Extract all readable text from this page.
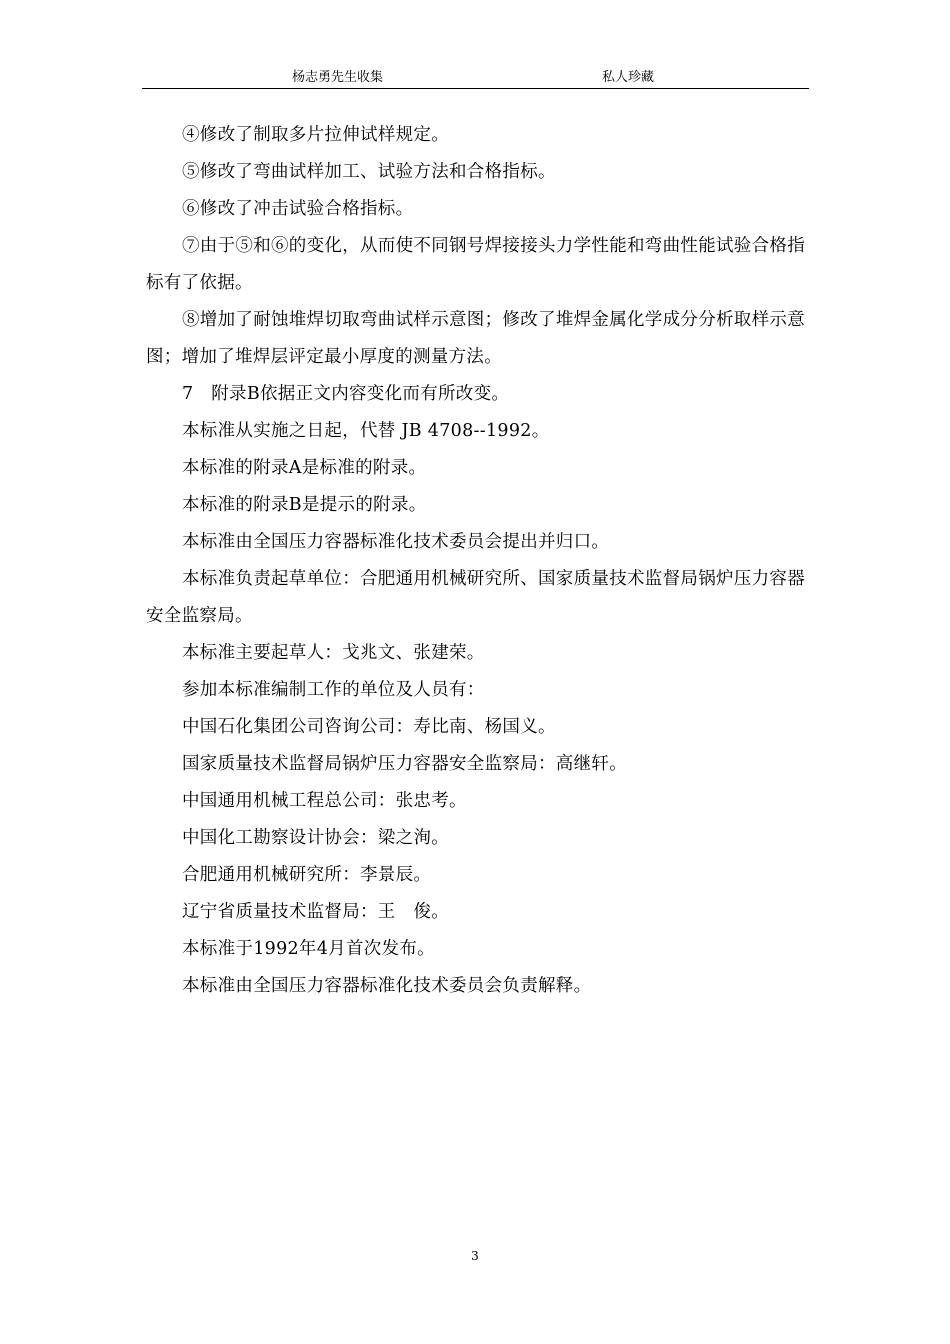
杨志勇先生收集	私人珍藏

④修改了制取多片拉伸试样规定。

⑤修改了弯曲试样加工、试验方法和合格指标。

⑥修改了冲击试验合格指标。

⑦由于⑤和⑥的变化，从而使不同钢号焊接接头力学性能和弯曲性能试验合格指标有了依据。

⑧增加了耐蚀堆焊切取弯曲试样示意图；修改了堆焊金属化学成分分析取样示意图；增加了堆焊层评定最小厚度的测量方法。

7　附录B依据正文内容变化而有所改变。

本标准从实施之日起，代替 JB 4708--1992。

本标准的附录A是标准的附录。

本标准的附录B是提示的附录。

本标准由全国压力容器标准化技术委员会提出并归口。

本标准负责起草单位：合肥通用机械研究所、国家质量技术监督局锅炉压力容器安全监察局。

本标准主要起草人：戈兆文、张建荣。

参加本标准编制工作的单位及人员有：

中国石化集团公司咨询公司：寿比南、杨国义。

国家质量技术监督局锅炉压力容器安全监察局：高继轩。

中国通用机械工程总公司：张忠考。

中国化工勘察设计协会：梁之洵。

合肥通用机械研究所：李景辰。

辽宁省质量技术监督局：王　俊。

本标准于1992年4月首次发布。

本标准由全国压力容器标准化技术委员会负责解释。

3
